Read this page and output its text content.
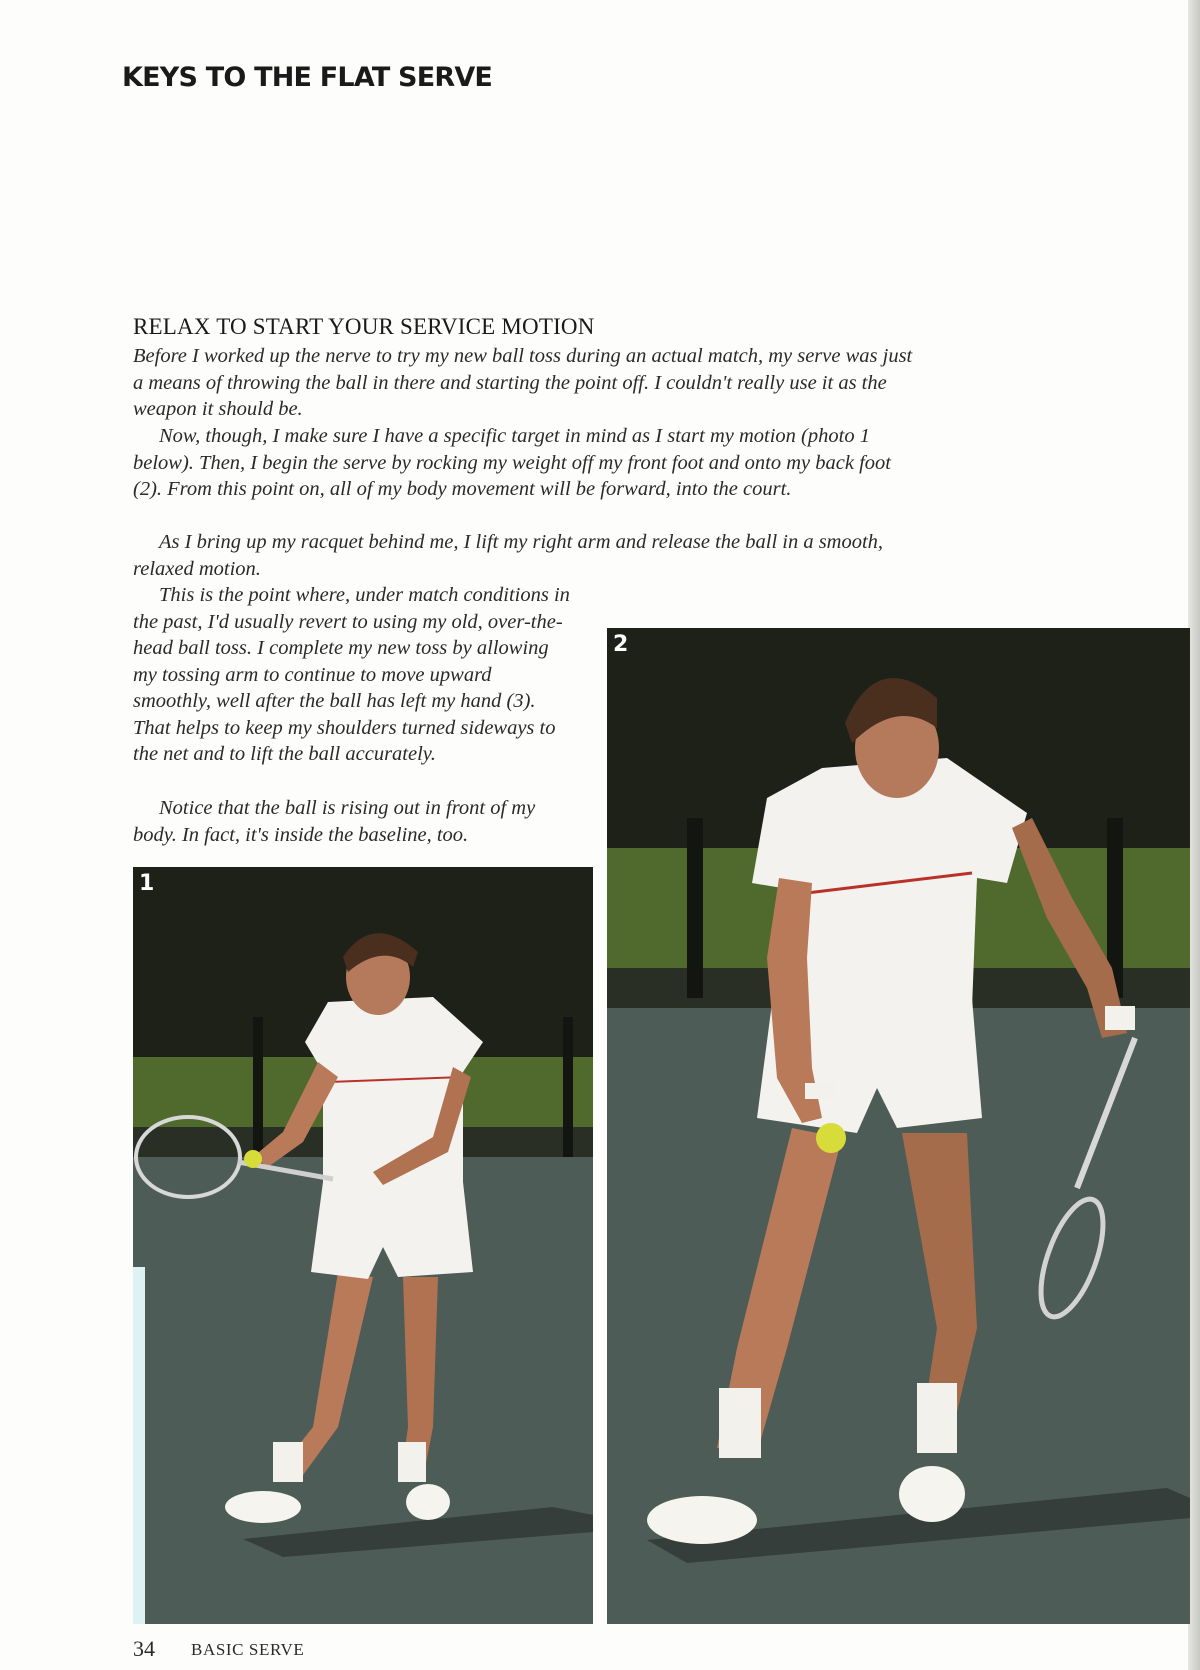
KEYS TO THE FLAT SERVE
RELAX TO START YOUR SERVICE MOTION

Before I worked up the nerve to try my new ball toss during an actual match, my serve was just a means of throwing the ball in there and starting the point off. I couldn't really use it as the weapon it should be.

Now, though, I make sure I have a specific target in mind as I start my motion (photo 1 below). Then, I begin the serve by rocking my weight off my front foot and onto my back foot (2). From this point on, all of my body movement will be forward, into the court.

As I bring up my racquet behind me, I lift my right arm and release the ball in a smooth, relaxed motion.

This is the point where, under match conditions in the past, I'd usually revert to using my old, over-the-head ball toss. I complete my new toss by allowing my tossing arm to continue to move upward smoothly, well after the ball has left my hand (3). That helps to keep my shoulders turned sideways to the net and to lift the ball accurately.

Notice that the ball is rising out in front of my body. In fact, it's inside the baseline, too.

1
2
34 BASIC SERVE
